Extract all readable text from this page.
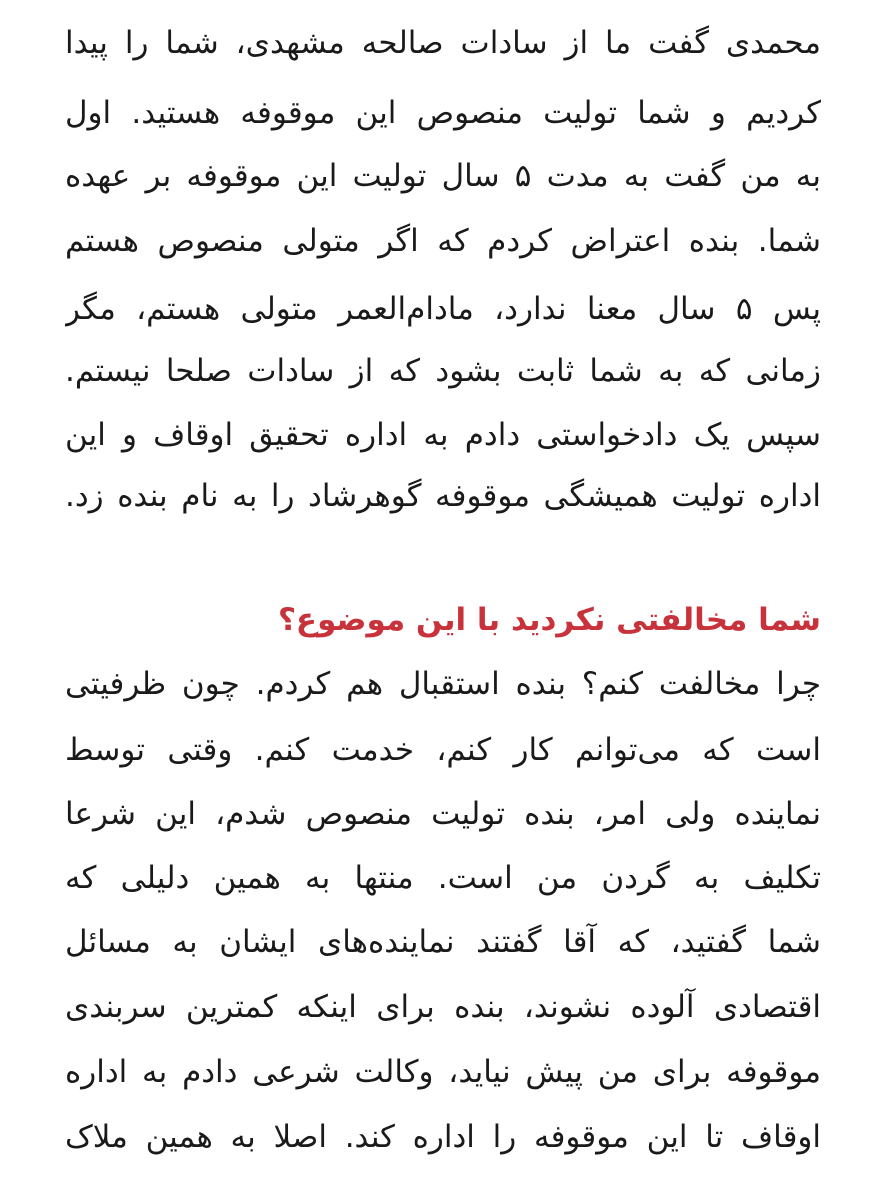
محمدی گفت ما از سادات صالحه مشهدی، شما را پیدا
کردیم و شما تولیت منصوص این موقوفه هستید. اول
به من گفت به مدت ۵ سال تولیت این موقوفه بر عهده
شما. بنده اعتراض کردم که اگر متولی منصوص هستم
پس ۵ سال معنا ندارد، مادام‌العمر متولی هستم، مگر
زمانی که به شما ثابت بشود که از سادات صلحا نیستم.
سپس یک دادخواستی دادم به اداره تحقیق اوقاف و این
اداره تولیت همیشگی موقوفه گوهرشاد را به نام بنده زد.
شما مخالفتی نکردید با این موضوع؟
چرا مخالفت کنم؟ بنده استقبال هم کردم. چون ظرفیتی
است که می‌توانم کار کنم، خدمت کنم. وقتی توسط
نماینده ولی امر، بنده تولیت منصوص شدم، این شرعا
تکلیف به گردن من است. منتها به همین دلیلی که
شما گفتید، که آقا گفتند نماینده‌های ایشان به مسائل
اقتصادی آلوده نشوند، بنده برای اینکه کمترین سربندی
موقوفه برای من پیش نیاید، وکالت شرعی دادم به اداره
اوقاف تا این موقوفه را اداره کند. اصلا به همین ملاک
